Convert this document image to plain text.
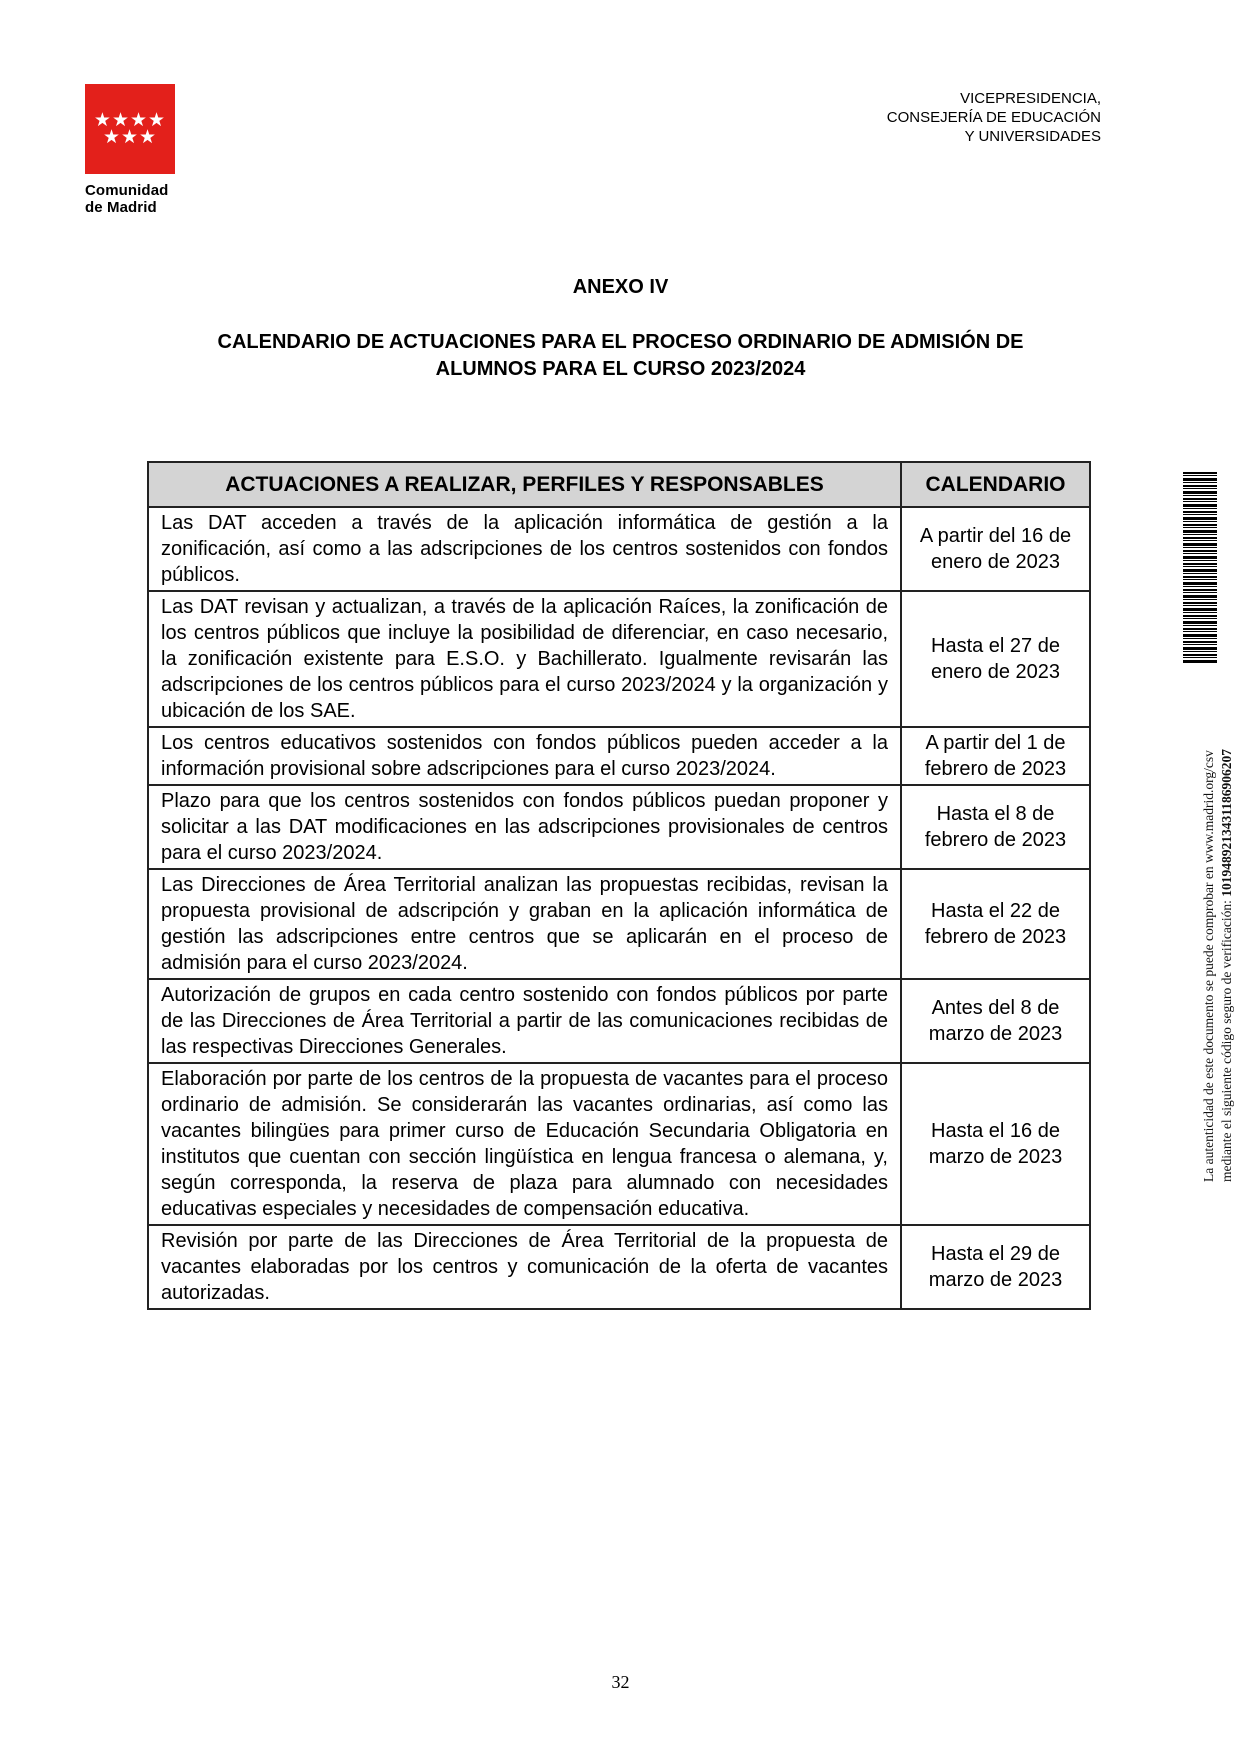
★★★★
★★★
Comunidad
de Madrid
VICEPRESIDENCIA,
CONSEJERÍA DE EDUCACIÓN
Y UNIVERSIDADES
ANEXO IV
CALENDARIO DE ACTUACIONES PARA EL PROCESO ORDINARIO DE ADMISIÓN DE
ALUMNOS PARA EL CURSO 2023/2024
ACTUACIONES A REALIZAR, PERFILES Y RESPONSABLES	CALENDARIO
Las DAT acceden a través de la aplicación informática de gestión a la zonificación, así como a las adscripciones de los centros sostenidos con fondos públicos.	A partir del 16 de
enero de 2023

Las DAT revisan y actualizan, a través de la aplicación Raíces, la zonificación de los centros públicos que incluye la posibilidad de diferenciar, en caso necesario, la zonificación existente para E.S.O. y Bachillerato. Igualmente revisarán las adscripciones de los centros públicos para el curso 2023/2024 y la organización y ubicación de los SAE.	Hasta el 27 de
enero de 2023

Los centros educativos sostenidos con fondos públicos pueden acceder a la información provisional sobre adscripciones para el curso 2023/2024.	A partir del 1 de
febrero de 2023

Plazo para que los centros sostenidos con fondos públicos puedan proponer y solicitar a las DAT modificaciones en las adscripciones provisionales de centros para el curso 2023/2024.	Hasta el 8 de
febrero de 2023

Las Direcciones de Área Territorial analizan las propuestas recibidas, revisan la propuesta provisional de adscripción y graban en la aplicación informática de gestión las adscripciones entre centros que se aplicarán en el proceso de admisión para el curso 2023/2024.	Hasta el 22 de
febrero de 2023

Autorización de grupos en cada centro sostenido con fondos públicos por parte de las Direcciones de Área Territorial a partir de las comunicaciones recibidas de las respectivas Direcciones Generales.	Antes del 8 de
marzo de 2023

Elaboración por parte de los centros de la propuesta de vacantes para el proceso ordinario de admisión. Se considerarán las vacantes ordinarias, así como las vacantes bilingües para primer curso de Educación Secundaria Obligatoria en institutos que cuentan con sección lingüística en lengua francesa o alemana, y, según corresponda, la reserva de plaza para alumnado con necesidades educativas especiales y necesidades de compensación educativa.	Hasta el 16 de
marzo de 2023

Revisión por parte de las Direcciones de Área Territorial de la propuesta de vacantes elaboradas por los centros y comunicación de la oferta de vacantes autorizadas.	Hasta el 29 de
marzo de 2023
La autenticidad de este documento se puede comprobar en www.madrid.org/csv mediante el siguiente código seguro de verificación: 1019489213431186906207
32
